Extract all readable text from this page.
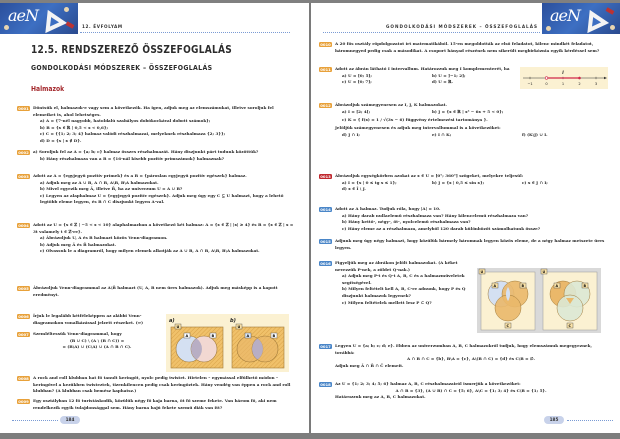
aeN
12. ÉVFOLYAM
12.5. RENDSZEREZŐ ÖSSZEFOGLALÁS
GONDOLKODÁSI MÓDSZEREK – ÖSSZEFOGLALÁS
Halmazok
0001 Döntsük el, halmazok-e vagy sem a következők. Ha igen, adjuk meg az elemszámukat, illetve soroljuk fel elemeiket is, ahol lehetséges.
a) A = {7-nél nagyobb, hatoldalú szabályos dobókockával dobott számok};
b) B = {x ∈ ℝ | 0,5 < x < 0,6};
c) C = {{1; 2; 3; 4} halmaz valódi részhalmazai, melyeknek részhalmaza {2; 3}};
d) D = {x | x ∉ D}.
0002 a) Soroljuk fel az A = {a; b; c} halmaz összes részhalmazát. Hány diszjunkt párt tudunk közöttük?
b) Hány részhalmaza van a B = {16-nál kisebb pozitív prímszámok} halmaznak?
0003 Adott az A = {egyjegyű pozitív prímek} és a B = {pároslan egyjegyű pozitív egészek} halmaz.
a) Adjuk meg az A ∪ B, A ∩ B, A\B, B\A halmazokat.
b) Mivel egyezik meg Ā, illetve B̄, ha az univerzum U = A ∪ B?
c) Legyen az alaphalmaz U = {egyjegyű pozitív egészek}. Adjuk meg úgy egy C ⊆ U halmazt, hogy a lehető legtöbb eleme legyen, és B ∩ C diszjunkt legyen A-val.
0004 Adott az U = {x ∈ ℤ | −5 < x < 10} alaphalmazban a következő két halmaz: A = {x ∈ ℤ | |x| ≥ 4} és B = {x ∈ ℤ | x = 3t valamely t ∈ ℤ-re}.
a) Ábrázoljuk U, A és B halmazt közös Venn-diagramon.
b) Adjuk meg Ā és B̄ halmazokat.
c) Olvassuk le a diagramról, hogy milyen elemek alkotják az A ∪ B, A ∩ B, A\B, B\A halmazokat.
0005 Ábrázoljuk Venn-diagrammal az A\B̄ halmazt (U, A, B nem üres halmazok). Adjuk meg másképp is a kapott eredményt.
0006 Írjuk le legalább kétféleképpen az alábbi Venn-diagramokon vonalkázással jelzett részeket. (⇒)
0007 Szemléltessük Venn-diagrammal, hogy
(B ∪ C) \ (A \ (B ∩ C)) =
= (B\A) ∪ (C\A) ∪ (A ∩ B ∩ C).
a)	b)
U
A	B
U
A	B
0008 A rock and roll klubban hat fő tanult keringőt, nyolc pedig twistet. Hirtelen – egymással elfűlhető módon – keringővel a kezükben twisteztek, tizenkilencen pedig csak keringőztek. Hány vendég van éppen a rock and roll klubban? (A klubban csak bemész kaphatsz.)
0009 Egy osztályban 12 fő turistáskodik, közülük négy fő kaja barna, öt fő szeme fekete. Van három fő, aki nem rendelkezik egyik tulajdonsággal sem. Hány barna hajú fekete szemű diák van itt?
184
aeN
GONDOLKODÁSI MÓDSZEREK – ÖSSZEFOGLALÁS
0010 A 20 fős osztály röpdolgozatot írt matematikából. 15-en megoldották az első feladatot, kilenc mindkét feladatot, háromnegyed pedig csak a másodikat. A csoport hányad részének nem sikerült megbirkóznia egyik kérdéssel sem?
0011 Adott az ábrán látható I intervallum. Határozzuk meg I komplementerét, ha
a) U = [0; 5];	b) U = ]−1; 2];
c) U = [0; 7];	d) U = ℝ.
0012 Ábrázoljuk számegyenesen az I, J, K halmazokat.
a) I = [2; 4[;	b) J = {x ∈ ℝ | x² − 6x + 5 < 0};
c) K = { f(x) = 1 / √(3x − 6) függvény értelmezési tartománya }.
Jelöljük számegyenesen és adjuk meg intervallummal is a következőket:
d) J ∩ I;	e) I ∩ K;	f) (K\J) ∪ I.
0013 Ábrázoljuk egységkörben azokat az x ∈ U = [0°; 360°] szögeket, melyekre teljesül:
a) I = {x | 0 ≤ tg x ≤ 1};	b) J = {x | 0,5 ≤ sin x};	c) x ∈ J ∩ I;
d) x ∈ Ī \ J.
0014 Adott az A halmaz. Tudjuk róla, hogy |A| = 10.
a) Hány darab nullaelemű részhalmaza van? Hány kilencelemű részhalmaza van?
b) Hány kettő-, négy-, öt-, nyolcelemű részhalmaza van?
c) Hány eleme az a részhalmaza, amelyből 120 darab különbözőt számolhatunk össze?
0015 Adjunk meg úgy négy halmazt, hogy közülük bármely háromnak legyen közös eleme, de a négy halmaz metszete üres legyen.
0016 Figyeljük meg az ábrákon jelölt halmazokat. (A kéket nevezzük P-nek, a zöldet Q-nak.)
a) Adjuk meg P-t és Q-t A, B, C és a halmazműveletek segítségével.
b) Milyen feltételt kell A, B, C-re adnunk, hogy P és Q diszjunkt halmazok legyenek?
c) Milyen feltételek mellett lesz P ⊂ Q?
0017 Legyen U = {a; b; c; d; e}. Ebben az univerzumban A, B, C halmazokról tudjuk, hogy elemszámuk megegyeznek, továbbá:
A ∩ B ∩ C = {b}, B\A = {c}, A\(B ∩ C) = {d} és C\B = ∅.
Adjuk meg Ā ∩ B̄ ∩ C̄ elemeit.
0018 Az U = {1; 2; 3; 4; 5; 6} halmaz A, B, C részhalmazairól ismerjük a következőket:
A ∩ B = {3}, (A ∪ B) ∩ C = {5; 6}, A\C = {1; 3; 4} és C\B = {1; 5}.
Határozzuk meg az A, B, C halmazokat.
185
−1	0	1	2	3
I
U
A	B
C
U
A	B
C
